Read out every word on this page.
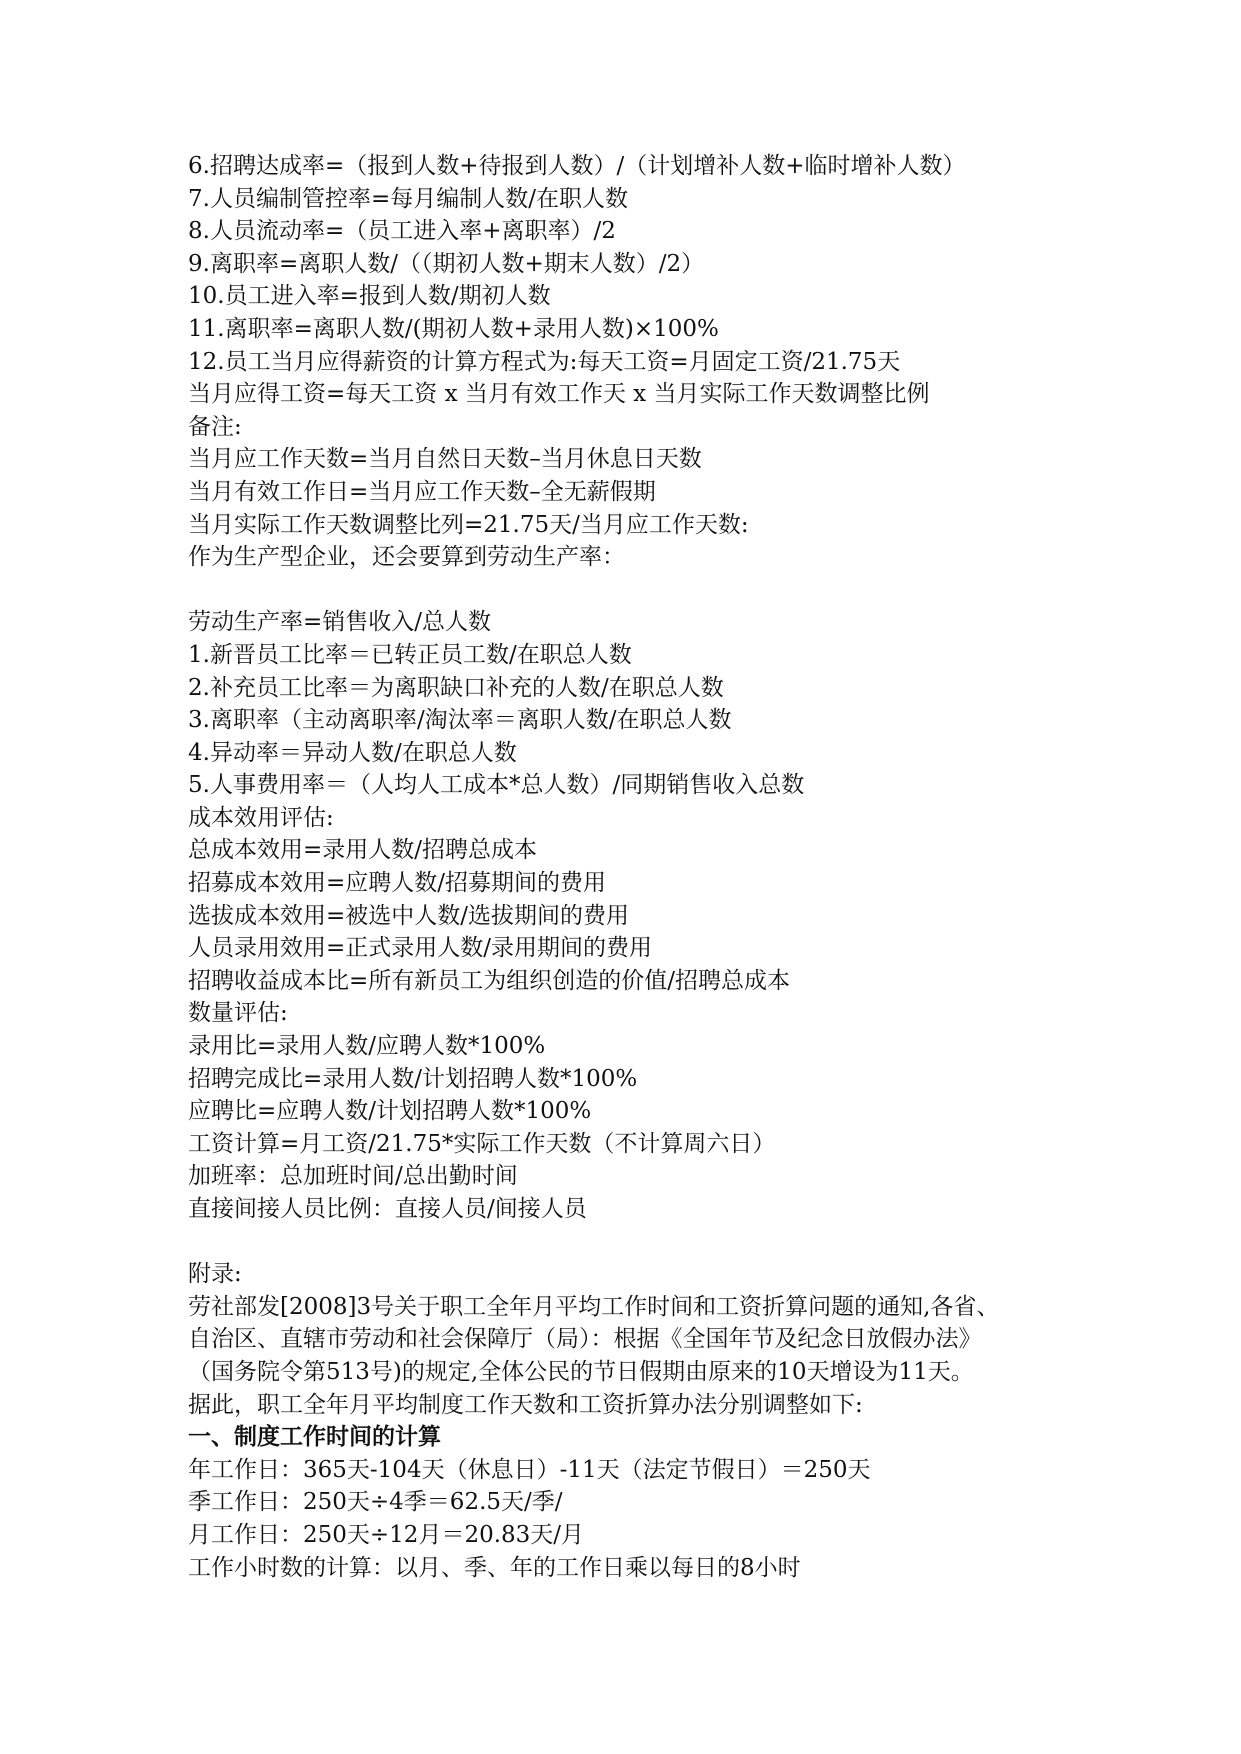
6.招聘达成率=（报到人数+待报到人数）/（计划增补人数+临时增补人数）
7.人员编制管控率=每月编制人数/在职人数
8.人员流动率=（员工进入率+离职率）/2
9.离职率=离职人数/（（期初人数+期末人数）/2）
10.员工进入率=报到人数/期初人数
11.离职率=离职人数/(期初人数+录用人数)×100%
12.员工当月应得薪资的计算方程式为:每天工资=月固定工资/21.75天
当月应得工资=每天工资 x 当月有效工作天 x 当月实际工作天数调整比例
备注:
当月应工作天数=当月自然日天数–当月休息日天数
当月有效工作日=当月应工作天数–全无薪假期
当月实际工作天数调整比列=21.75天/当月应工作天数:
作为生产型企业，还会要算到劳动生产率：
劳动生产率=销售收入/总人数
1.新晋员工比率＝已转正员工数/在职总人数
2.补充员工比率＝为离职缺口补充的人数/在职总人数
3.离职率（主动离职率/淘汰率＝离职人数/在职总人数
4.异动率＝异动人数/在职总人数
5.人事费用率＝（人均人工成本*总人数）/同期销售收入总数
成本效用评估:
总成本效用=录用人数/招聘总成本
招募成本效用=应聘人数/招募期间的费用
选拔成本效用=被选中人数/选拔期间的费用
人员录用效用=正式录用人数/录用期间的费用
招聘收益成本比=所有新员工为组织创造的价值/招聘总成本
数量评估:
录用比=录用人数/应聘人数*100%
招聘完成比=录用人数/计划招聘人数*100%
应聘比=应聘人数/计划招聘人数*100%
工资计算=月工资/21.75*实际工作天数（不计算周六日）
加班率：总加班时间/总出勤时间
直接间接人员比例：直接人员/间接人员
附录:
劳社部发[2008]3号关于职工全年月平均工作时间和工资折算问题的通知,各省、
自治区、直辖市劳动和社会保障厅（局）：根据《全国年节及纪念日放假办法》
（国务院令第513号)的规定,全体公民的节日假期由原来的10天增设为11天。
据此，职工全年月平均制度工作天数和工资折算办法分别调整如下:
一、制度工作时间的计算
年工作日：365天-104天（休息日）-11天（法定节假日）＝250天
季工作日：250天÷4季＝62.5天/季/
月工作日：250天÷12月＝20.83天/月
工作小时数的计算：以月、季、年的工作日乘以每日的8小时
